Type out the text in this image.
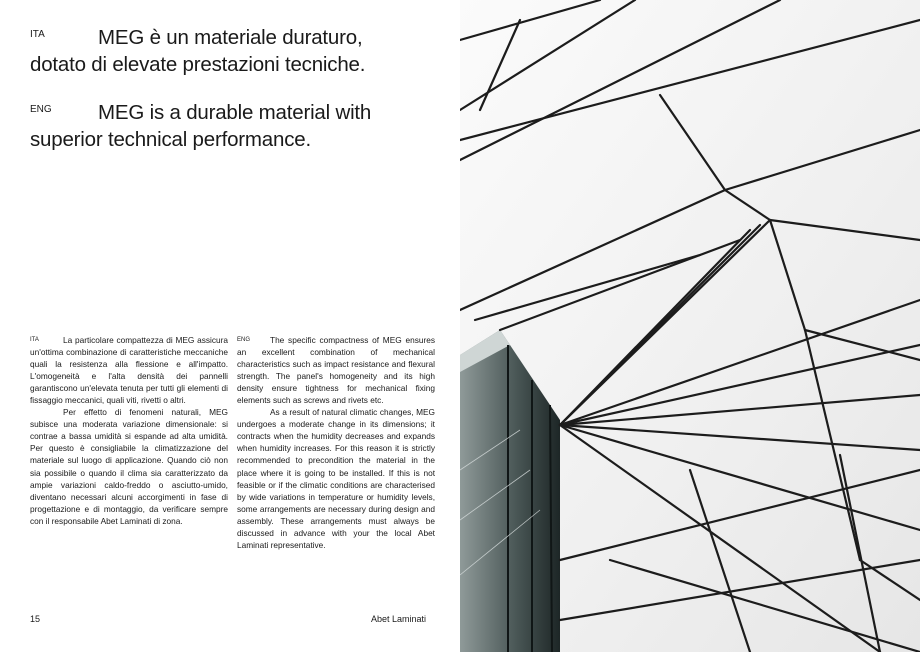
ITA	MEG è un materiale duraturo,
dotato di elevate prestazioni tecniche.
ENG	MEG is a durable material with
superior technical performance.

ITA	La particolare compattezza di MEG assicura un'ottima combinazione di caratteristiche meccaniche quali la resistenza alla flessione e all'impatto. L'omogeneità e l'alta densità dei pannelli garantiscono un'elevata tenuta per tutti gli elementi di fissaggio meccanici, quali viti, rivetti o altri.

Per effetto di fenomeni naturali, MEG subisce una moderata variazione dimensionale: si contrae a bassa umidità si espande ad alta umidità. Per questo è consigliabile la climatizzazione del materiale sul luogo di applicazione. Quando ciò non sia possibile o quando il clima sia caratterizzato da ampie variazioni caldo-freddo o asciutto-umido, diventano necessari alcuni accorgimenti in fase di progettazione e di montaggio, da verificare sempre con il responsabile Abet Laminati di zona.

ENG The specific compactness of MEG ensures an excellent combination of mechanical characteristics such as impact resistance and flexural strength. The panel's homogeneity and its high density ensure tightness for mechanical fixing elements such as screws and rivets etc.

As a result of natural climatic changes, MEG undergoes a moderate change in its dimensions; it contracts when the humidity decreases and expands when humidity increases. For this reason it is strictly recommended to precondition the material in the place where it is going to be installed. If this is not feasible or if the climatic conditions are characterised by wide variations in temperature or humidity levels, some arrangements are necessary during design and assembly. These arrangements must always be discussed in advance with your the local Abet Laminati representative.

15	Abet Laminati
